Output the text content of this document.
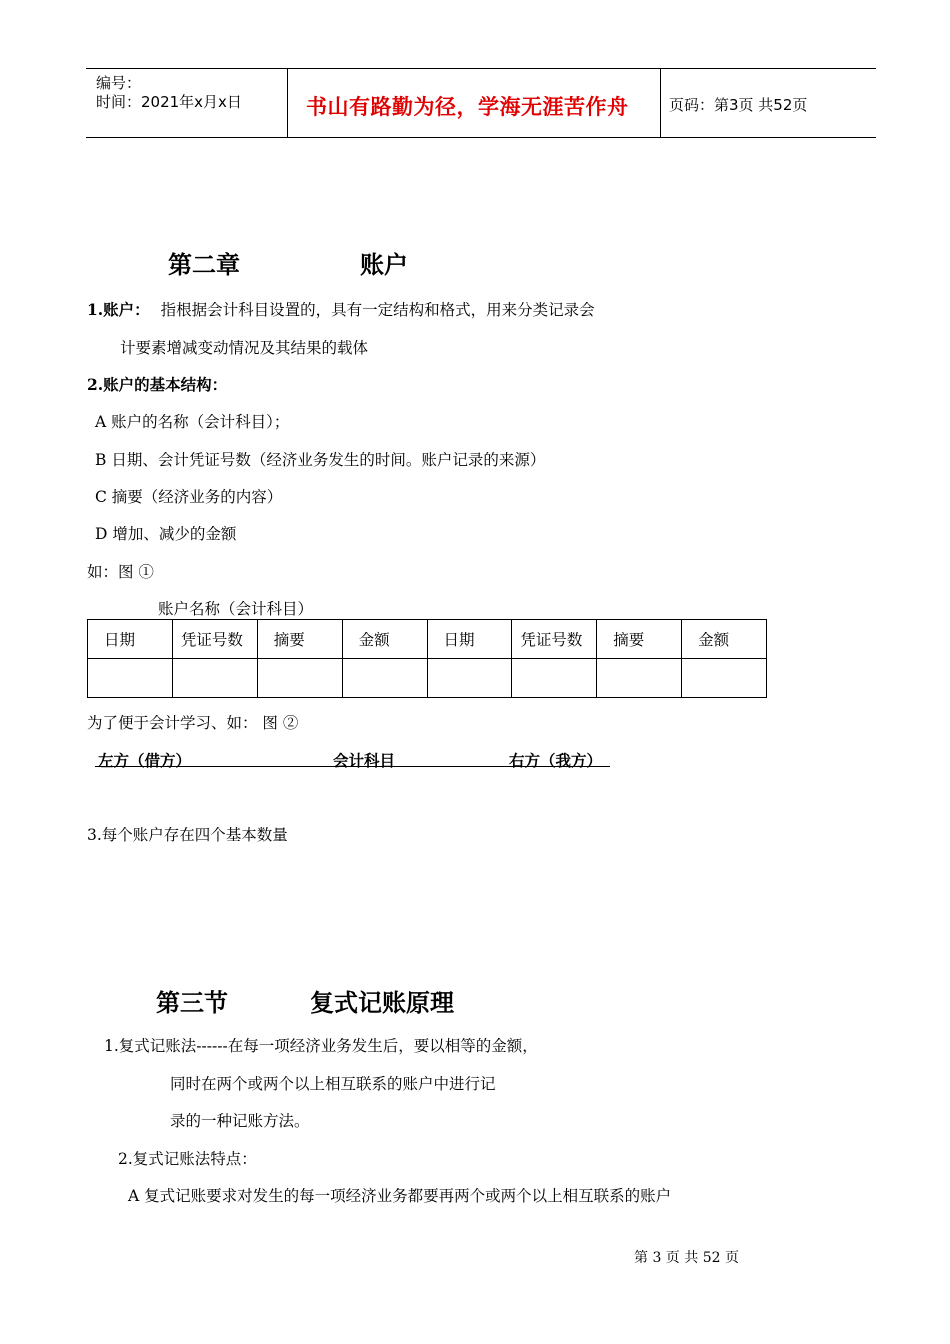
编号：
时间：2021年x月x日	书山有路勤为径，学海无涯苦作舟	页码：第3页 共52页
第二章	账户
1.账户： 指根据会计科目设置的，具有一定结构和格式，用来分类记录会
计要素增减变动情况及其结果的载体
2.账户的基本结构：
A 账户的名称（会计科目）；
B 日期、会计凭证号数（经济业务发生的时间。账户记录的来源）
C 摘要（经济业务的内容）
D 增加、减少的金额
如：图 ①
账户名称（会计科目）
日期	凭证号数	摘要	金额	日期	凭证号数	摘要	金额

为了便于会计学习、如： 图 ②
左方（借方）	会计科目	右方（我方）
3.每个账户存在四个基本数量
第三节	复式记账原理
1.复式记账法------在每一项经济业务发生后，要以相等的金额，
同时在两个或两个以上相互联系的账户中进行记
录的一种记账方法。
2.复式记账法特点：
A 复式记账要求对发生的每一项经济业务都要再两个或两个以上相互联系的账户
第 3 页 共 52 页
